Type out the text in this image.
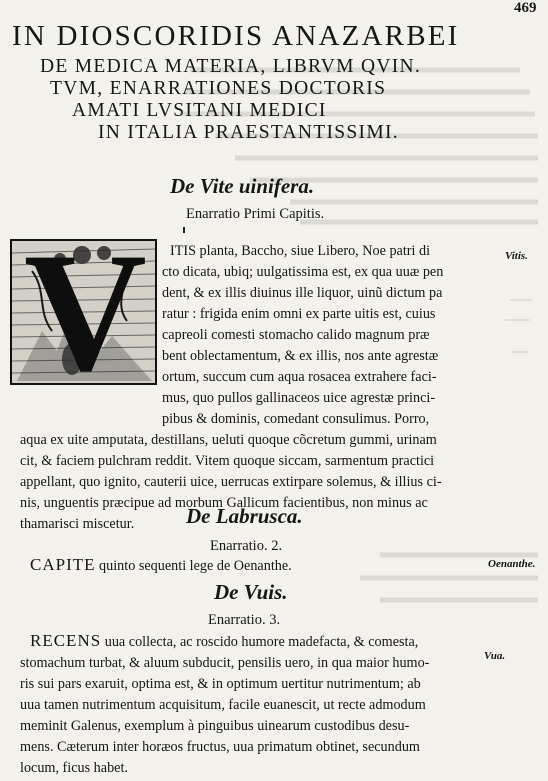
469
IN DIOSCORIDIS ANAZARBEI
DE MEDICA MATERIA, LIBRVM QVIN.
TVM, ENARRATIONES DOCTORIS
AMATI LVSITANI MEDICI
IN ITALIA PRAESTANTISSIMI.
De Vite uinifera.
Enarratio Primi Capitis.
V ITIS planta, Baccho, siue Libero, Noe patri di
cto dicata, ubiq; uulgatissima est, ex qua uuæ pen
dent, & ex illis diuinus ille liquor, uinũ dictum pa
ratur : frigida enim omni ex parte uitis est, cuius
capreoli comesti stomacho calido magnum præ
bent oblectamentum, & ex illis, nos ante agrestæ
ortum, succum cum aqua rosacea extrahere faci-
mus, quo pullos gallinaceos uice agrestæ princi-
pibus & dominis, comedant consulimus. Porro,
aqua ex uite amputata, destillans, ueluti quoque cõcretum gummi, urinam
cit, & faciem pulchram reddit. Vitem quoque siccam, sarmentum practici
appellant, quo ignito, cauterii uice, uerrucas extirpare solemus, & illius ci-
nis, unguentis præcipue ad morbum Gallicum facientibus, non minus ac
thamarisci miscetur.
Vitis.
De Labrusca.
Enarratio. 2.
CAPITE quinto sequenti lege de Oenanthe.	Oenanthe.
De Vuis.
Enarratio. 3.
RECENS uua collecta, ac roscido humore madefacta, & comesta,
stomachum turbat, & aluum subducit, pensilis uero, in qua maior humo-
ris sui pars exaruit, optima est, & in optimum uertitur nutrimentum; ab
uua tamen nutrimentum acquisitum, facile euanescit, ut recte admodum
meminit Galenus, exemplum à pinguibus uinearum custodibus desu-
mens. Cæterum inter horæos fructus, uua primatum obtinet, secundum
locum, ficus habet.
Vua.
